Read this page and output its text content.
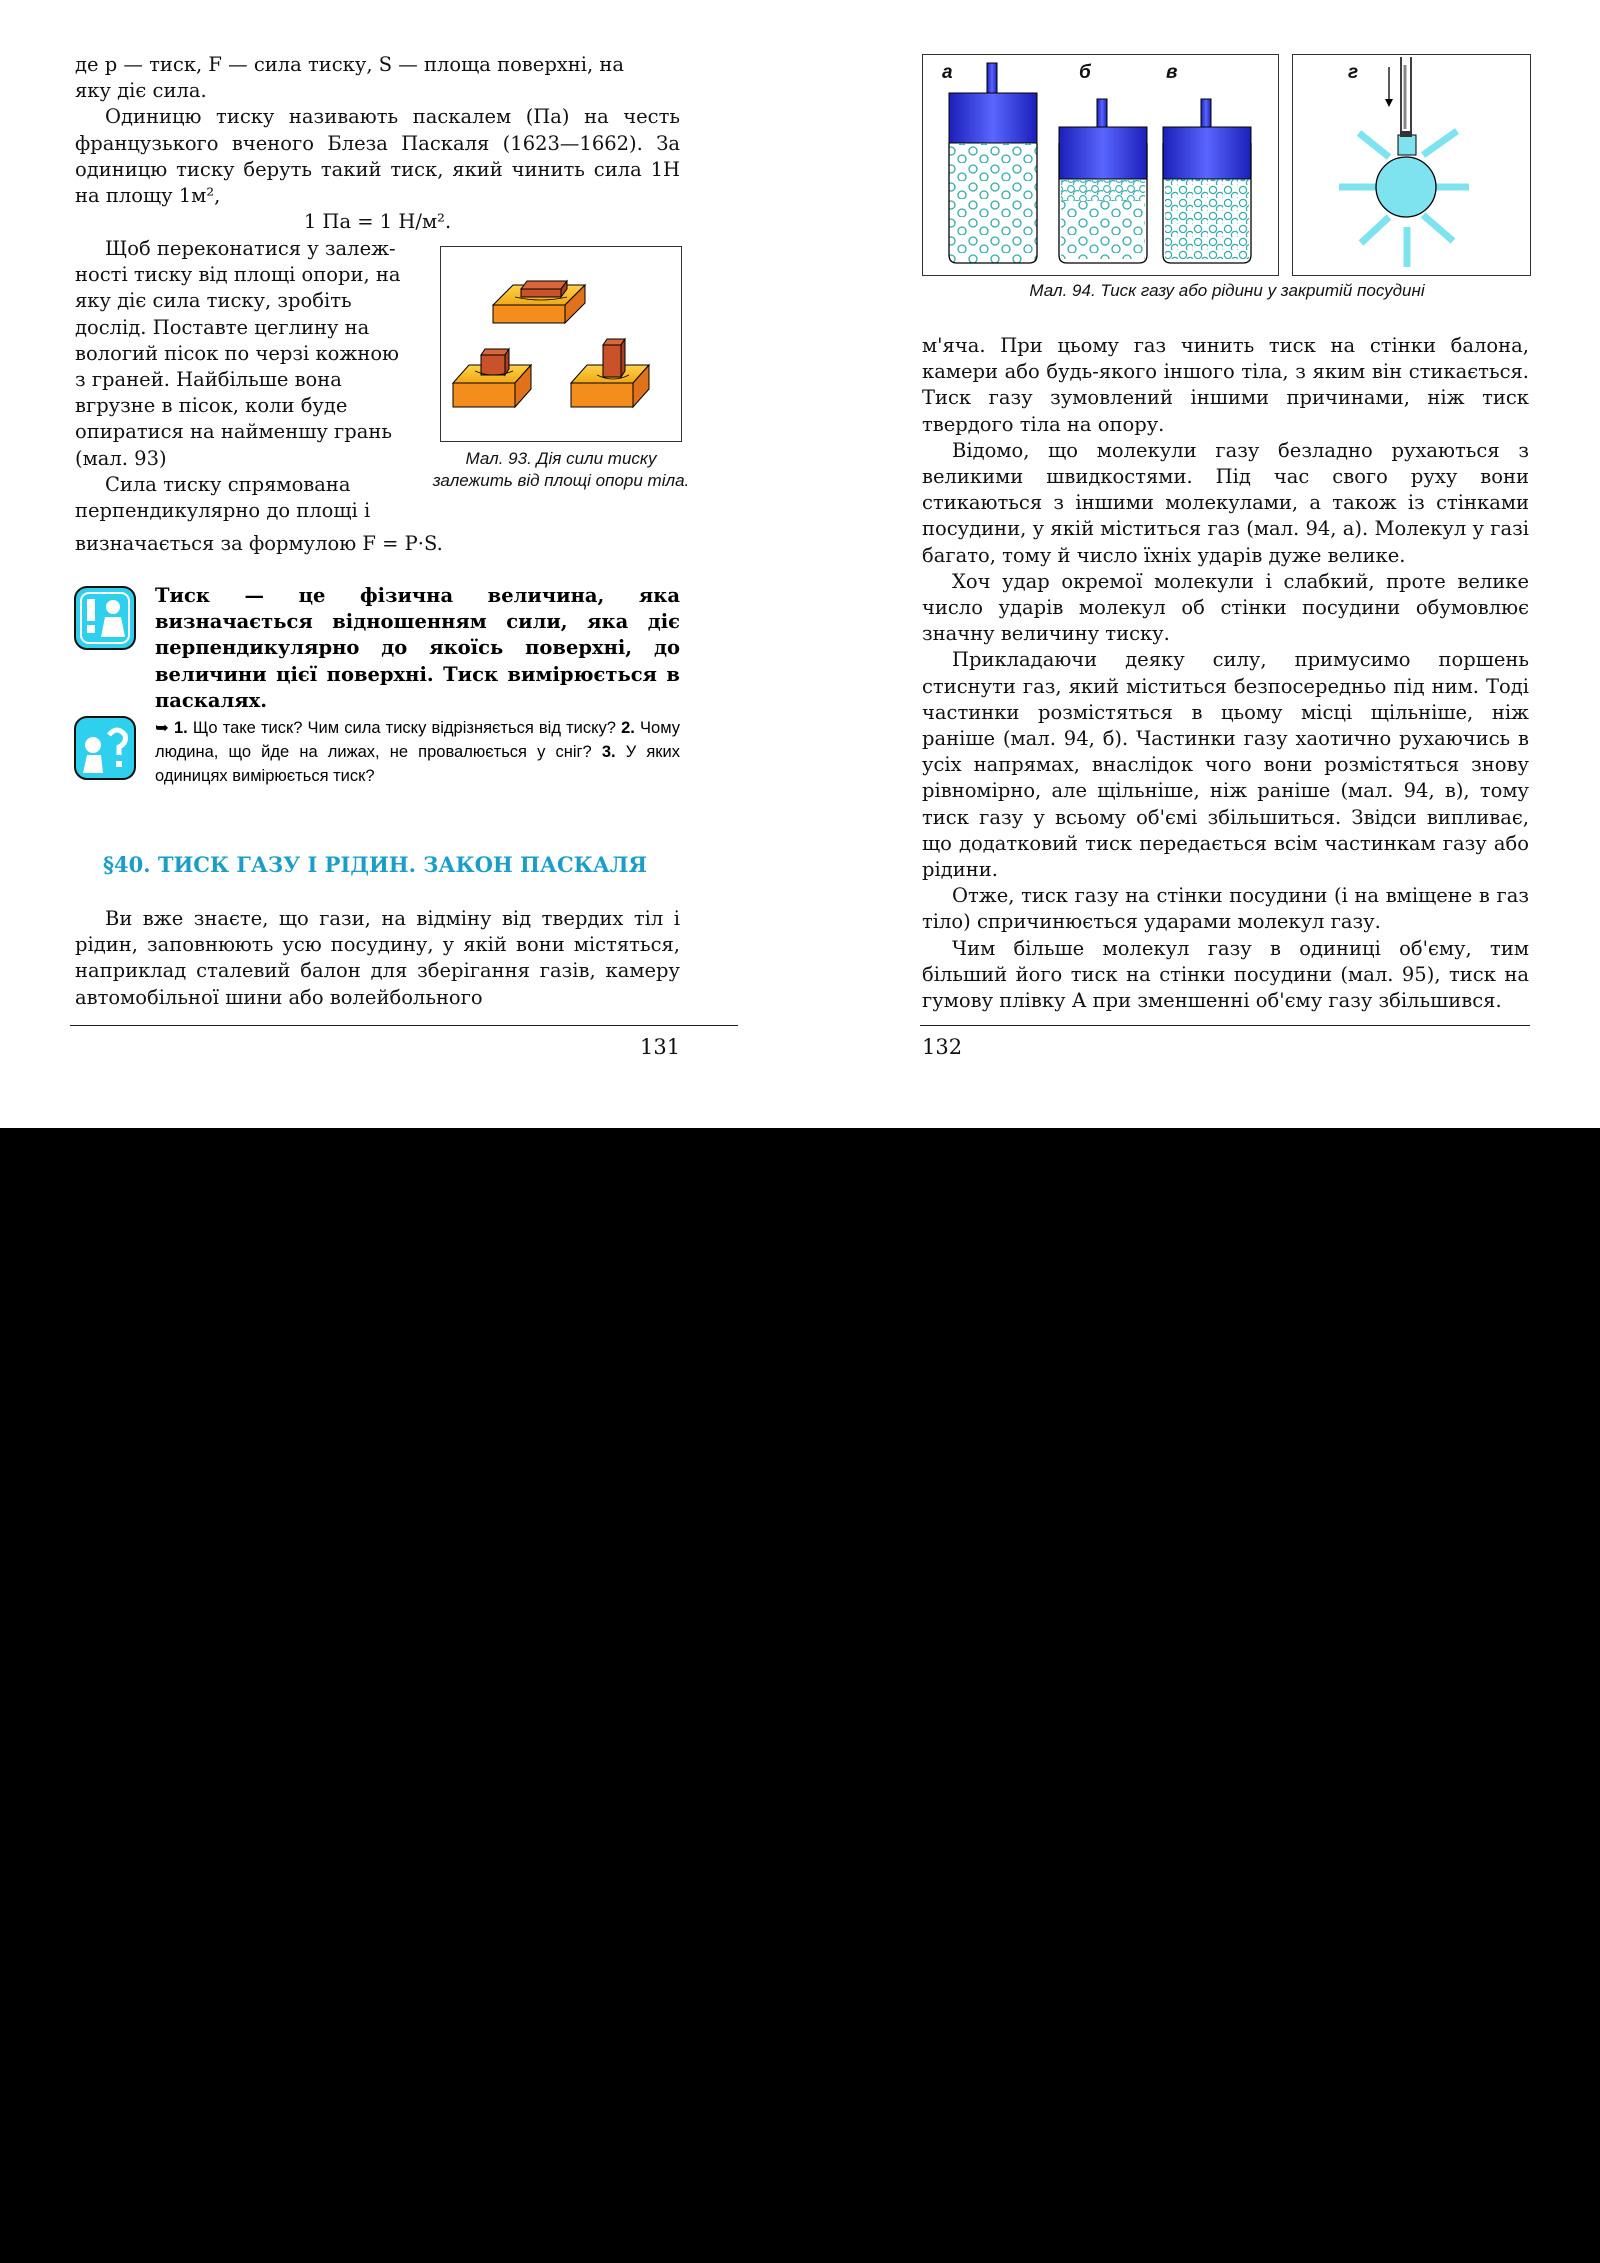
де p — тиск, F — сила тиску, S — площа поверхні, на

яку діє сила.

Одиницю тиску називають паскалем (Па) на честь французького вченого Блеза Паскаля (1623—1662). За одиницю тиску беруть такий тиск, який чинить сила 1Н на площу 1м²,

1 Па = 1 Н/м².

Щоб переконатися у залеж-

ності тиску від площі опори, на

яку діє сила тиску, зробіть

дослід. Поставте цеглину на

вологий пісок по черзі кожною

з граней. Найбільше вона

вгрузне в пісок, коли буде

опиратися на найменшу грань

(мал. 93)

Сила тиску спрямована

перпендикулярно до площі і

визначається за формулою F = P·S.

Мал. 93. Дія сили тиску залежить від площі опори тіла.
Тиск — це фізична величина, яка визначається відношенням сили, яка діє перпендикулярно до якоїсь поверхні, до величини цієї поверхні. Тиск вимірюється в паскалях.
➥ 1. Що таке тиск? Чим сила тиску відрізняється від тиску? 2. Чому людина, що йде на лижах, не провалюється у сніг? 3. У яких одиницях вимірюється тиск?
§40. ТИСК ГАЗУ І РІДИН. ЗАКОН ПАСКАЛЯ

Ви вже знаєте, що гази, на відміну від твердих тіл і рідин, заповнюють усю посудину, у якій вони містяться, наприклад сталевий балон для зберігання газів, камеру автомобільної шини або волейбольного

131
а	б	в	г
Мал. 94. Тиск газу або рідини у закритій посудині

м'яча. При цьому газ чинить тиск на стінки балона, камери або будь-якого іншого тіла, з яким він стикається. Тиск газу зумовлений іншими причинами, ніж тиск твердого тіла на опору.

Відомо, що молекули газу безладно рухаються з великими швидкостями. Під час свого руху вони стикаються з іншими молекулами, а також із стінками посудини, у якій міститься газ (мал. 94, а). Молекул у газі багато, тому й число їхніх ударів дуже велике.

Хоч удар окремої молекули і слабкий, проте велике число ударів молекул об стінки посудини обумовлює значну величину тиску.

Прикладаючи деяку силу, примусимо поршень стиснути газ, який міститься безпосередньо під ним. Тоді частинки розмістяться в цьому місці щільніше, ніж раніше (мал. 94, б). Частинки газу хаотично рухаючись в усіх напрямах, внаслідок чого вони розмістяться знову рівномірно, але щільніше, ніж раніше (мал. 94, в), тому тиск газу у всьому об'ємі збільшиться. Звідси випливає, що додатковий тиск передається всім частинкам газу або рідини.

Отже, тиск газу на стінки посудини (і на вміщене в газ тіло) спричинюється ударами молекул газу.

Чим більше молекул газу в одиниці об'єму, тим більший його тиск на стінки посудини (мал. 95), тиск на гумову плівку А при зменшенні об'єму газу збільшився.

132
